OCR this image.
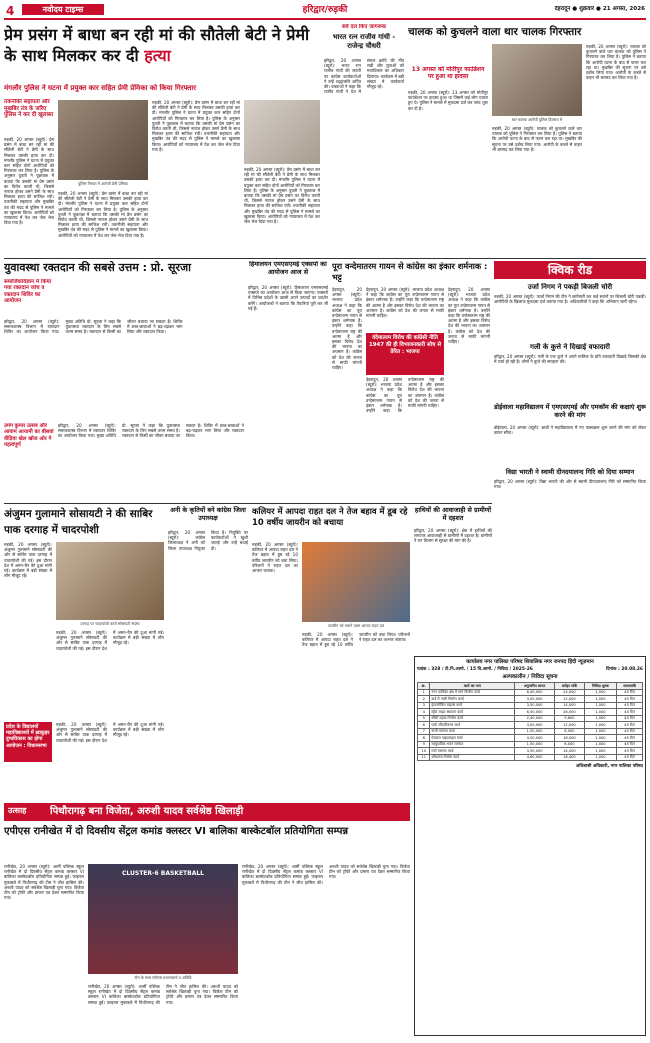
4	नवोदय टाइम्स	हरिद्वार/रुड़की	देहरादून ● शुक्रवार ● 21 अगस्त, 2026
प्रेम प्रसंग में बाधा बन रही मां की सौतेली बेटी ने प्रेमी के साथ मिलकर कर दी हत्या
मंगलौर पुलिस ने घटना में प्रयुक्त कार सहित प्रेमी प्रेमिका को किया गिरफ्तार
तकनीकी सहायता और मुखबिर तंत्र के जरिए पुलिस ने कर दी खुलासा
रुड़की, 20 अगस्त (ब्यूरो): प्रेम प्रसंग में बाधा बन रही मां की सौतेली बेटी ने प्रेमी के साथ मिलकर उसकी हत्या कर दी। मंगलौर पुलिस ने घटना में प्रयुक्त कार सहित दोनों आरोपियों को गिरफ्तार कर लिया है। पुलिस के अनुसार युवती ने पूछताछ में बताया कि उसकी मां प्रेम प्रसंग का विरोध करती थी, जिससे नाराज होकर उसने प्रेमी के साथ मिलकर हत्या की साजिश रची। तकनीकी सहायता और मुखबिर तंत्र की मदद से पुलिस ने मामले का खुलासा किया। आरोपियों को न्यायालय में पेश कर जेल भेज दिया गया है।
पुलिस गिरफ्त में आरोपी प्रेमी प्रेमिका
रुड़की, 20 अगस्त (ब्यूरो): प्रेम प्रसंग में बाधा बन रही मां की सौतेली बेटी ने प्रेमी के साथ मिलकर उसकी हत्या कर दी। मंगलौर पुलिस ने घटना में प्रयुक्त कार सहित दोनों आरोपियों को गिरफ्तार कर लिया है। पुलिस के अनुसार युवती ने पूछताछ में बताया कि उसकी मां प्रेम प्रसंग का विरोध करती थी, जिससे नाराज होकर उसने प्रेमी के साथ मिलकर हत्या की साजिश रची। तकनीकी सहायता और मुखबिर तंत्र की मदद से पुलिस ने मामले का खुलासा किया। आरोपियों को न्यायालय में पेश कर जेल भेज दिया गया है।
रुड़की, 20 अगस्त (ब्यूरो): प्रेम प्रसंग में बाधा बन रही मां की सौतेली बेटी ने प्रेमी के साथ मिलकर उसकी हत्या कर दी। मंगलौर पुलिस ने घटना में प्रयुक्त कार सहित दोनों आरोपियों को गिरफ्तार कर लिया है। पुलिस के अनुसार युवती ने पूछताछ में बताया कि उसकी मां प्रेम प्रसंग का विरोध करती थी, जिससे नाराज होकर उसने प्रेमी के साथ मिलकर हत्या की साजिश रची। तकनीकी सहायता और मुखबिर तंत्र की मदद से पुलिस ने मामले का खुलासा किया। आरोपियों को न्यायालय में पेश कर जेल भेज दिया गया है।
रुड़की, 20 अगस्त (ब्यूरो): प्रेम प्रसंग में बाधा बन रही मां की सौतेली बेटी ने प्रेमी के साथ मिलकर उसकी हत्या कर दी। मंगलौर पुलिस ने घटना में प्रयुक्त कार सहित दोनों आरोपियों को गिरफ्तार कर लिया है। पुलिस के अनुसार युवती ने पूछताछ में बताया कि उसकी मां प्रेम प्रसंग का विरोध करती थी, जिससे नाराज होकर उसने प्रेमी के साथ मिलकर हत्या की साजिश रची। तकनीकी सहायता और मुखबिर तंत्र की मदद से पुलिस ने मामले का खुलासा किया। आरोपियों को न्यायालय में पेश कर जेल भेज दिया गया है।
सर्व दल किए जागरूक
भारत रत्न राजीव गांधी - राजेन्द्र चौधरी
हरिद्वार, 20 अगस्त (ब्यूरो): भारत रत्न राजीव गांधी की जयंती पर कांग्रेस कार्यकर्ताओं ने उन्हें श्रद्धांजलि अर्पित की। वक्ताओं ने कहा कि राजीव गांधी ने देश में संचार क्रांति की नींव रखी और युवाओं को मताधिकार का अधिकार दिलाया। कार्यक्रम में बड़ी संख्या में कार्यकर्ता मौजूद रहे।
13 अगस्त को मोतीपुर फाउंडेशन पर हुआ था हादसा
रुड़की, 20 अगस्त (ब्यूरो): 13 अगस्त को मोतीपुर फाउंडेशन पर हादसा हुआ था जिसमें कई लोग घायल हुए थे। पुलिस ने मामले में मुकदमा दर्ज कर जांच शुरू कर दी है।
चालक को कुचलने वाला थार चालक गिरफ्तार
थार चालक आरोपी पुलिस हिरासत में
रुड़की, 20 अगस्त (ब्यूरो): चालक को कुचलने वाले थार चालक को पुलिस ने गिरफ्तार कर लिया है। पुलिस ने बताया कि आरोपी घटना के बाद से फरार चल रहा था। मुखबिर की सूचना पर उसे दबोच लिया गया। आरोपी के कब्जे से वाहन भी बरामद कर लिया गया है।
रुड़की, 20 अगस्त (ब्यूरो): चालक को कुचलने वाले थार चालक को पुलिस ने गिरफ्तार कर लिया है। पुलिस ने बताया कि आरोपी घटना के बाद से फरार चल रहा था। मुखबिर की सूचना पर उसे दबोच लिया गया। आरोपी के कब्जे से वाहन भी बरामद कर लिया गया है।
युवावस्था रक्तदान की सबसे उत्तम : प्रो. सूरजा
समाजिकविज्ञान में किया गया रक्तदान जांच व रक्तदान शिविर का आयोजन
हरिद्वार, 20 अगस्त (ब्यूरो): समाजशास्त्र विभाग में रक्तदान शिविर का आयोजन किया गया। मुख्य अतिथि प्रो. सूरजा ने कहा कि युवावस्था रक्तदान के लिए सबसे उत्तम समय है। रक्तदान से किसी का जीवन बचाया जा सकता है। शिविर में छात्र-छात्राओं ने बढ़-चढ़कर भाग लिया और रक्तदान किया।
उमंग कुमार उत्सव और आयाम आयामी का बीसवां वीडिया खेल खोज ओर गे महत्वपूर्ण
हरिद्वार, 20 अगस्त (ब्यूरो): समाजशास्त्र विभाग में रक्तदान शिविर का आयोजन किया गया। मुख्य अतिथि प्रो. सूरजा ने कहा कि युवावस्था रक्तदान के लिए सबसे उत्तम समय है। रक्तदान से किसी का जीवन बचाया जा सकता है। शिविर में छात्र-छात्राओं ने बढ़-चढ़कर भाग लिया और रक्तदान किया।
हिमालयन एमएसएमई एक्सपो का आयोजन आज से
हरिद्वार, 20 अगस्त (ब्यूरो): हिमालयन एमएसएमई एक्सपो का आयोजन आज से किया जाएगा। एक्सपो में विभिन्न प्रदेशों के उद्यमी अपने उत्पादों का प्रदर्शन करेंगे। आयोजकों ने बताया कि तैयारियां पूरी कर ली गई हैं।
पूरा वन्देमातरम गायन से कांग्रेस का इंकार शर्मनाक : भट्ट
वंदेमातरम विरोध की कांग्रेसी नीति 1947 की ही विभाजनकारी सोच से प्रेरित : भाजपा
देहरादून, 20 अगस्त (ब्यूरो): भाजपा प्रदेश अध्यक्ष ने कहा कि कांग्रेस का पूरा वन्देमातरम गायन से इंकार शर्मनाक है। उन्होंने कहा कि वन्देमातरम राष्ट्र की आत्मा है और इसका विरोध देश की भावना का अपमान है। कांग्रेस को देश की जनता से माफी मांगनी चाहिए।
देहरादून, 20 अगस्त (ब्यूरो): भाजपा प्रदेश अध्यक्ष ने कहा कि कांग्रेस का पूरा वन्देमातरम गायन से इंकार शर्मनाक है। उन्होंने कहा कि वन्देमातरम राष्ट्र की आत्मा है और इसका विरोध देश की भावना का अपमान है। कांग्रेस को देश की जनता से माफी मांगनी चाहिए।
देहरादून, 20 अगस्त (ब्यूरो): भाजपा प्रदेश अध्यक्ष ने कहा कि कांग्रेस का पूरा वन्देमातरम गायन से इंकार शर्मनाक है। उन्होंने कहा कि वन्देमातरम राष्ट्र की आत्मा है और इसका विरोध देश की भावना का अपमान है। कांग्रेस को देश की जनता से माफी मांगनी चाहिए।
देहरादून, 20 अगस्त (ब्यूरो): भाजपा प्रदेश अध्यक्ष ने कहा कि कांग्रेस का पूरा वन्देमातरम गायन से इंकार शर्मनाक है। उन्होंने कहा कि वन्देमातरम राष्ट्र की आत्मा है और इसका विरोध देश की भावना का अपमान है। कांग्रेस को देश की जनता से माफी मांगनी चाहिए।
क्विक रीड
उर्जा निगम ने पकड़ी बिजली चोरी
रुड़की, 20 अगस्त (ब्यूरो): ऊर्जा निगम की टीम ने छापेमारी कर कई स्थानों पर बिजली चोरी पकड़ी। आरोपियों के खिलाफ मुकदमा दर्ज कराया गया है। अधिकारियों ने कहा कि अभियान जारी रहेगा।
गली के कुत्ते ने दिखाई वफादारी
हरिद्वार, 20 अगस्त (ब्यूरो): गली के एक कुत्ते ने अपने मालिक के प्रति वफादारी दिखाई जिसकी क्षेत्र में चर्चा हो रही है। लोगों ने कुत्ते की सराहना की।
डोईवाला महाविद्यालय में एमएसएमई और एमकॉम की कक्षाएं शुरू करने की मांग
डोईवाला, 20 अगस्त (ब्यूरो): छात्रों ने महाविद्यालय में नए पाठ्यक्रम शुरू करने की मांग को लेकर ज्ञापन सौंपा।
विद्या भारती ने स्वामी दीनदयालन्द गिरि को दिया सम्मान
हरिद्वार, 20 अगस्त (ब्यूरो): विद्या भारती की ओर से स्वामी दीनदयालन्द गिरि को सम्मानित किया गया।
अंजुमन गुलामाने सोसायटी ने की साबिर पाक दरगाह में चादरपोशी
रुड़की, 20 अगस्त (ब्यूरो): अंजुमन गुलामाने सोसायटी की ओर से साबिर पाक दरगाह में चादरपोशी की गई। इस दौरान देश में अमन-चैन की दुआ मांगी गई। कार्यक्रम में बड़ी संख्या में लोग मौजूद रहे।
दरगाह पर चादरपोशी करते सोसायटी सदस्य
रुड़की, 20 अगस्त (ब्यूरो): अंजुमन गुलामाने सोसायटी की ओर से साबिर पाक दरगाह में चादरपोशी की गई। इस दौरान देश में अमन-चैन की दुआ मांगी गई। कार्यक्रम में बड़ी संख्या में लोग मौजूद रहे।
प्रदेश के विद्यालयों महाविद्यालयों में ख़ाकुहर दुग्धविकास का होगा आयोजन : विधानसभा
रुड़की, 20 अगस्त (ब्यूरो): अंजुमन गुलामाने सोसायटी की ओर से साबिर पाक दरगाह में चादरपोशी की गई। इस दौरान देश में अमन-चैन की दुआ मांगी गई। कार्यक्रम में बड़ी संख्या में लोग मौजूद रहे।
अनी के कृतियों बने कांग्रेस जिला उपाध्यक्ष
हरिद्वार, 20 अगस्त (ब्यूरो): कांग्रेस जिलाध्यक्ष ने अनी को जिला उपाध्यक्ष नियुक्त किया है। नियुक्ति पर कार्यकर्ताओं ने खुशी जताई और उन्हें बधाई दी।
कलियर में आपदा राहत दल ने तेज बहाव में डूब रहे 10 वर्षीय जायरीन को बचाया
रुड़की, 20 अगस्त (ब्यूरो): कलियर में आपदा राहत दल ने तेज बहाव में डूब रहे 10 वर्षीय जायरीन को बचा लिया। परिजनों ने राहत दल का आभार जताया।
जायरीन को बचाने वाला आपदा राहत दल
रुड़की, 20 अगस्त (ब्यूरो): कलियर में आपदा राहत दल ने तेज बहाव में डूब रहे 10 वर्षीय जायरीन को बचा लिया। परिजनों ने राहत दल का आभार जताया।
हाथियों की आवाजाही से ग्रामीणों में दहशत
हरिद्वार, 20 अगस्त (ब्यूरो): क्षेत्र में हाथियों की लगातार आवाजाही से ग्रामीणों में दहशत है। ग्रामीणों ने वन विभाग से सुरक्षा की मांग की है।
कार्यालय नगर पालिका परिषद शिवालिक नगर जनपद हिंदी न्यूज़मान
पत्रांक : 328 / टी.नि.आमो. / 15 वि.आमो. / निविदा / 2025-26	दिनांक : 20.08.26
अल्पकालीन / निविदा सूचना
क्र.	कार्य का नाम	अनुमानित लागत	धरोहर राशि	निविदा शुल्क	समयावधि
1	नगर पालिका क्षेत्र में मार्ग निर्माण कार्य	6,00,000	24,000	1,000	45 दिन
2	वार्ड में नाली निर्माण कार्य	3,00,000	12,000	1,000	45 दिन
3	इंटरलॉकिंग टाइल्स कार्य	3,50,000	14,000	1,000	45 दिन
4	स्ट्रीट लाइट स्थापना कार्य	6,50,000	26,000	1,000	45 दिन
5	सीसी सड़क निर्माण कार्य	2,40,000	9,600	1,000	45 दिन
6	पार्क सौंदर्यीकरण कार्य	3,00,000	12,000	1,000	45 दिन
7	नाली मरम्मत कार्य	1,50,000	6,000	1,000	45 दिन
8	पेयजल पाइपलाइन कार्य	4,50,000	18,000	1,000	45 दिन
9	सामुदायिक भवन मरम्मत	1,50,000	6,000	1,000	45 दिन
10	मार्ग मरम्मत कार्य	3,50,000	14,000	1,000	45 दिन
11	शौचालय निर्माण कार्य	4,60,000	18,400	1,000	45 दिन
अधिशासी अधिकारी, नगर पालिका परिषद
उत्साह	पिथौरागढ़ बना विजेता, अरुशी यादव सर्वश्रेष्ठ खिलाड़ी
एपीएस रानीखेत में दो दिवसीय सेंट्रल कमांड क्लस्टर VI बालिका बास्केटबॉल प्रतियोगिता सम्पन्न
रानीखेत, 20 अगस्त (ब्यूरो): आर्मी पब्लिक स्कूल रानीखेत में दो दिवसीय सेंट्रल कमांड क्लस्टर VI बालिका बास्केटबॉल प्रतियोगिता सम्पन्न हुई। फाइनल मुकाबले में पिथौरागढ़ की टीम ने जीत हासिल की। अरुशी यादव को सर्वश्रेष्ठ खिलाड़ी चुना गया। विजेता टीम को ट्रॉफी और प्रमाण पत्र देकर सम्मानित किया गया।
CLUSTER-6 BASKETBALL
टीम के साथ एपीएस प्रधानाचार्य व अतिथि
रानीखेत, 20 अगस्त (ब्यूरो): आर्मी पब्लिक स्कूल रानीखेत में दो दिवसीय सेंट्रल कमांड क्लस्टर VI बालिका बास्केटबॉल प्रतियोगिता सम्पन्न हुई। फाइनल मुकाबले में पिथौरागढ़ की टीम ने जीत हासिल की। अरुशी यादव को सर्वश्रेष्ठ खिलाड़ी चुना गया। विजेता टीम को ट्रॉफी और प्रमाण पत्र देकर सम्मानित किया गया।
रानीखेत, 20 अगस्त (ब्यूरो): आर्मी पब्लिक स्कूल रानीखेत में दो दिवसीय सेंट्रल कमांड क्लस्टर VI बालिका बास्केटबॉल प्रतियोगिता सम्पन्न हुई। फाइनल मुकाबले में पिथौरागढ़ की टीम ने जीत हासिल की। अरुशी यादव को सर्वश्रेष्ठ खिलाड़ी चुना गया। विजेता टीम को ट्रॉफी और प्रमाण पत्र देकर सम्मानित किया गया।
